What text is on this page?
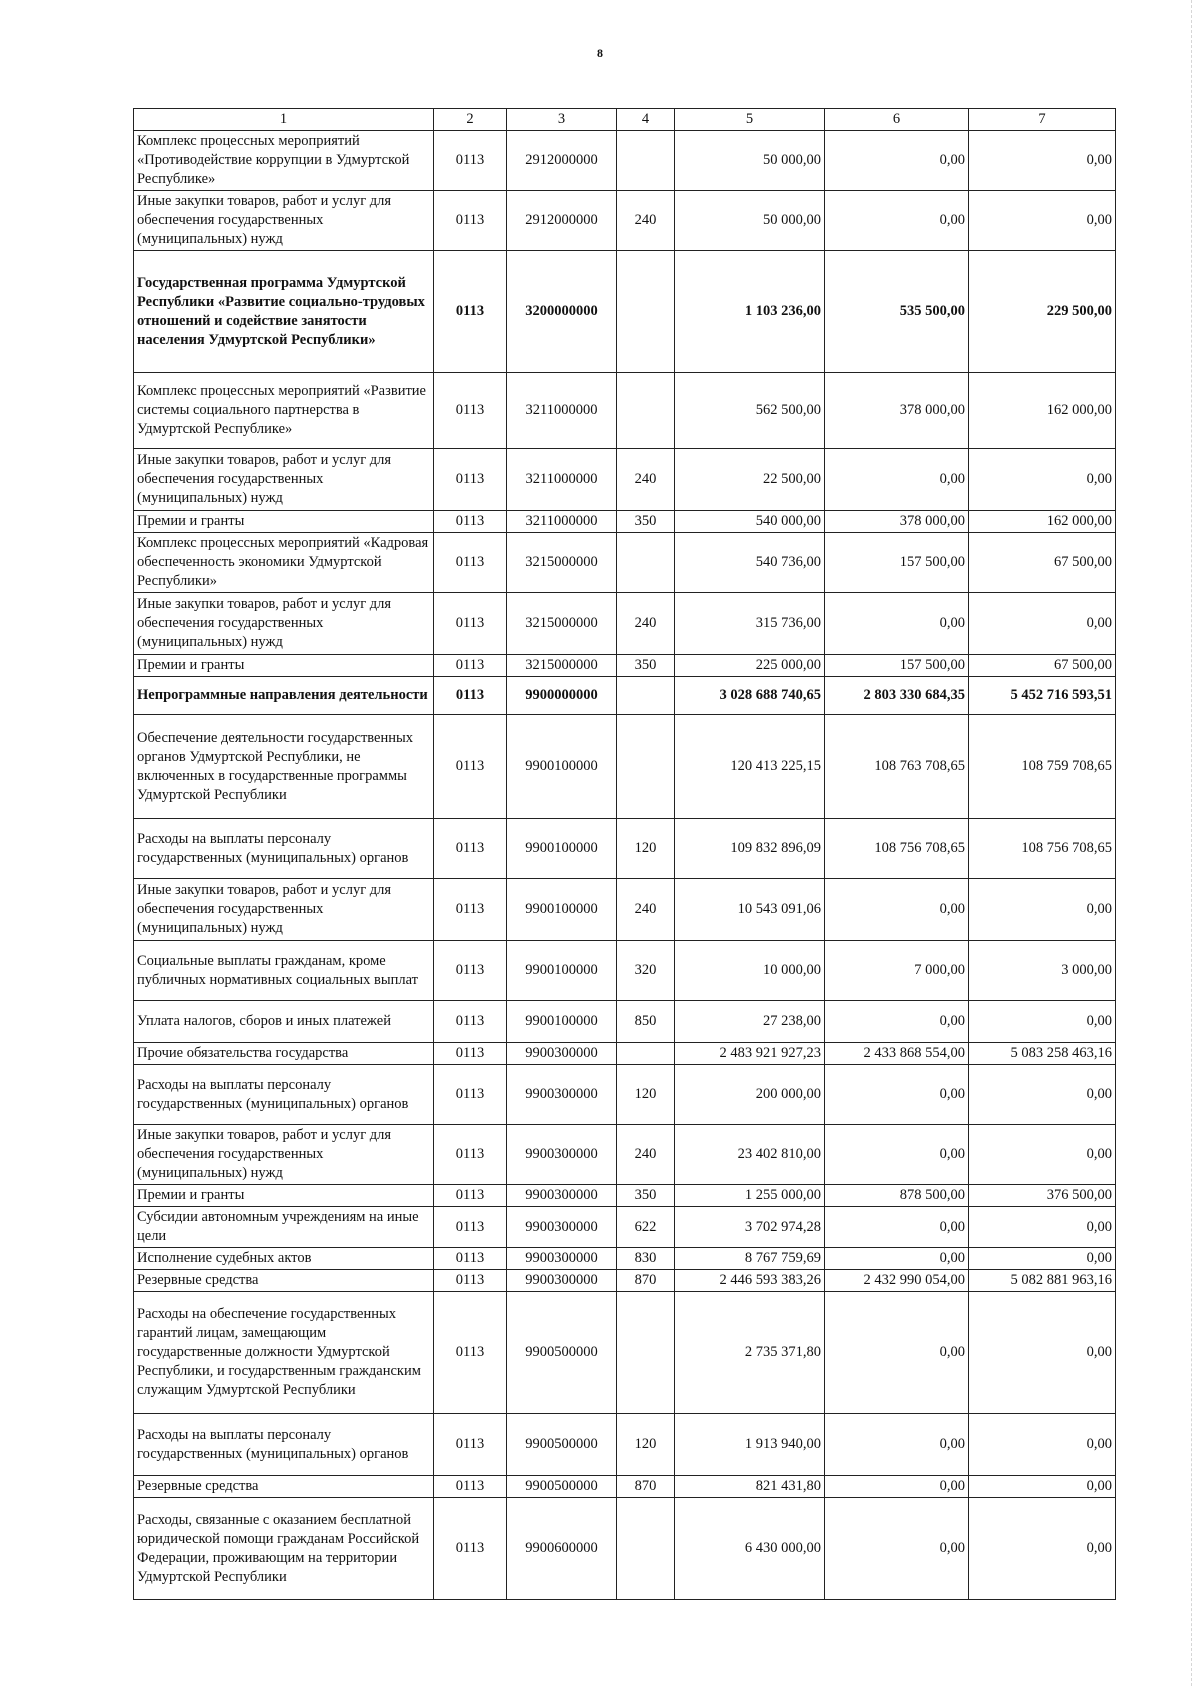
8
1	2	3	4	5	6	7
Комплекс процессных мероприятий «Противодействие коррупции в Удмуртской Республике»	0113	2912000000		50 000,00	0,00	0,00
Иные закупки товаров, работ и услуг для обеспечения государственных (муниципальных) нужд	0113	2912000000	240	50 000,00	0,00	0,00
Государственная программа Удмуртской Республики «Развитие социально-трудовых отношений и содействие занятости населения Удмуртской Республики»	0113	3200000000		1 103 236,00	535 500,00	229 500,00
Комплекс процессных мероприятий «Развитие системы социального партнерства в Удмуртской Республике»	0113	3211000000		562 500,00	378 000,00	162 000,00
Иные закупки товаров, работ и услуг для обеспечения государственных (муниципальных) нужд	0113	3211000000	240	22 500,00	0,00	0,00
Премии и гранты	0113	3211000000	350	540 000,00	378 000,00	162 000,00
Комплекс процессных мероприятий «Кадровая обеспеченность экономики Удмуртской Республики»	0113	3215000000		540 736,00	157 500,00	67 500,00
Иные закупки товаров, работ и услуг для обеспечения государственных (муниципальных) нужд	0113	3215000000	240	315 736,00	0,00	0,00
Премии и гранты	0113	3215000000	350	225 000,00	157 500,00	67 500,00
Непрограммные направления деятельности	0113	9900000000		3 028 688 740,65	2 803 330 684,35	5 452 716 593,51
Обеспечение деятельности государственных органов Удмуртской Республики, не включенных в государственные программы Удмуртской Республики	0113	9900100000		120 413 225,15	108 763 708,65	108 759 708,65
Расходы на выплаты персоналу государственных (муниципальных) органов	0113	9900100000	120	109 832 896,09	108 756 708,65	108 756 708,65
Иные закупки товаров, работ и услуг для обеспечения государственных (муниципальных) нужд	0113	9900100000	240	10 543 091,06	0,00	0,00
Социальные выплаты гражданам, кроме публичных нормативных социальных выплат	0113	9900100000	320	10 000,00	7 000,00	3 000,00
Уплата налогов, сборов и иных платежей	0113	9900100000	850	27 238,00	0,00	0,00
Прочие обязательства государства	0113	9900300000		2 483 921 927,23	2 433 868 554,00	5 083 258 463,16
Расходы на выплаты персоналу государственных (муниципальных) органов	0113	9900300000	120	200 000,00	0,00	0,00
Иные закупки товаров, работ и услуг для обеспечения государственных (муниципальных) нужд	0113	9900300000	240	23 402 810,00	0,00	0,00
Премии и гранты	0113	9900300000	350	1 255 000,00	878 500,00	376 500,00
Субсидии автономным учреждениям на иные цели	0113	9900300000	622	3 702 974,28	0,00	0,00
Исполнение судебных актов	0113	9900300000	830	8 767 759,69	0,00	0,00
Резервные средства	0113	9900300000	870	2 446 593 383,26	2 432 990 054,00	5 082 881 963,16
Расходы на обеспечение государственных гарантий лицам, замещающим государственные должности Удмуртской Республики, и государственным гражданским служащим Удмуртской Республики	0113	9900500000		2 735 371,80	0,00	0,00
Расходы на выплаты персоналу государственных (муниципальных) органов	0113	9900500000	120	1 913 940,00	0,00	0,00
Резервные средства	0113	9900500000	870	821 431,80	0,00	0,00
Расходы, связанные с оказанием бесплатной юридической помощи гражданам Российской Федерации, проживающим на территории Удмуртской Республики	0113	9900600000		6 430 000,00	0,00	0,00
